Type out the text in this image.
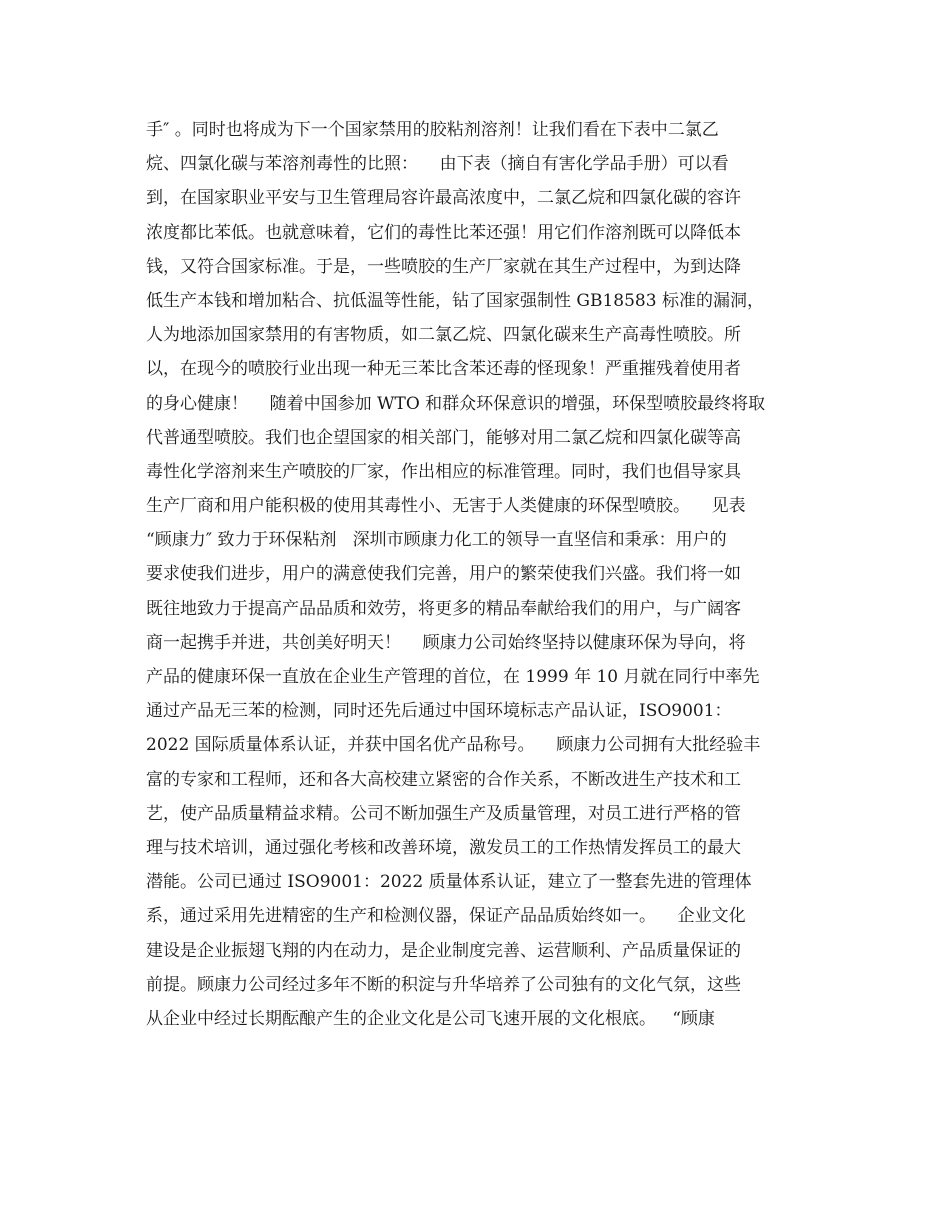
手″ 。同时也将成为下一个国家禁用的胶粘剂溶剂！让我们看在下表中二氯乙
烷、四氯化碳与苯溶剂毒性的比照：    由下表（摘自有害化学品手册）可以看
到，在国家职业平安与卫生管理局容许最高浓度中，二氯乙烷和四氯化碳的容许
浓度都比苯低。也就意味着，它们的毒性比苯还强！用它们作溶剂既可以降低本
钱，又符合国家标准。于是，一些喷胶的生产厂家就在其生产过程中，为到达降
低生产本钱和增加粘合、抗低温等性能，钻了国家强制性 GB18583 标准的漏洞，
人为地添加国家禁用的有害物质，如二氯乙烷、四氯化碳来生产高毒性喷胶。所
以，在现今的喷胶行业出现一种无三苯比含苯还毒的怪现象！严重摧残着使用者
的身心健康！    随着中国参加 WTO 和群众环保意识的增强，环保型喷胶最终将取
代普通型喷胶。我们也企望国家的相关部门，能够对用二氯乙烷和四氯化碳等高
毒性化学溶剂来生产喷胶的厂家，作出相应的标准管理。同时，我们也倡导家具
生产厂商和用户能积极的使用其毒性小、无害于人类健康的环保型喷胶。    见表
“顾康力″ 致力于环保粘剂   深圳市顾康力化工的领导一直坚信和秉承：用户的
要求使我们进步，用户的满意使我们完善，用户的繁荣使我们兴盛。我们将一如
既往地致力于提高产品品质和效劳，将更多的精品奉献给我们的用户，与广阔客
商一起携手并进，共创美好明天！    顾康力公司始终坚持以健康环保为导向，将
产品的健康环保一直放在企业生产管理的首位，在 1999 年 10 月就在同行中率先
通过产品无三苯的检测，同时还先后通过中国环境标志产品认证，ISO9001：
2022 国际质量体系认证，并获中国名优产品称号。    顾康力公司拥有大批经验丰
富的专家和工程师，还和各大高校建立紧密的合作关系，不断改进生产技术和工
艺，使产品质量精益求精。公司不断加强生产及质量管理，对员工进行严格的管
理与技术培训，通过强化考核和改善环境，激发员工的工作热情发挥员工的最大
潜能。公司已通过 ISO9001：2022 质量体系认证，建立了一整套先进的管理体
系，通过采用先进精密的生产和检测仪器，保证产品品质始终如一。    企业文化
建设是企业振翅飞翔的内在动力，是企业制度完善、运营顺利、产品质量保证的
前提。顾康力公司经过多年不断的积淀与升华培养了公司独有的文化气氛，这些
从企业中经过长期酝酿产生的企业文化是公司飞速开展的文化根底。   “顾康
